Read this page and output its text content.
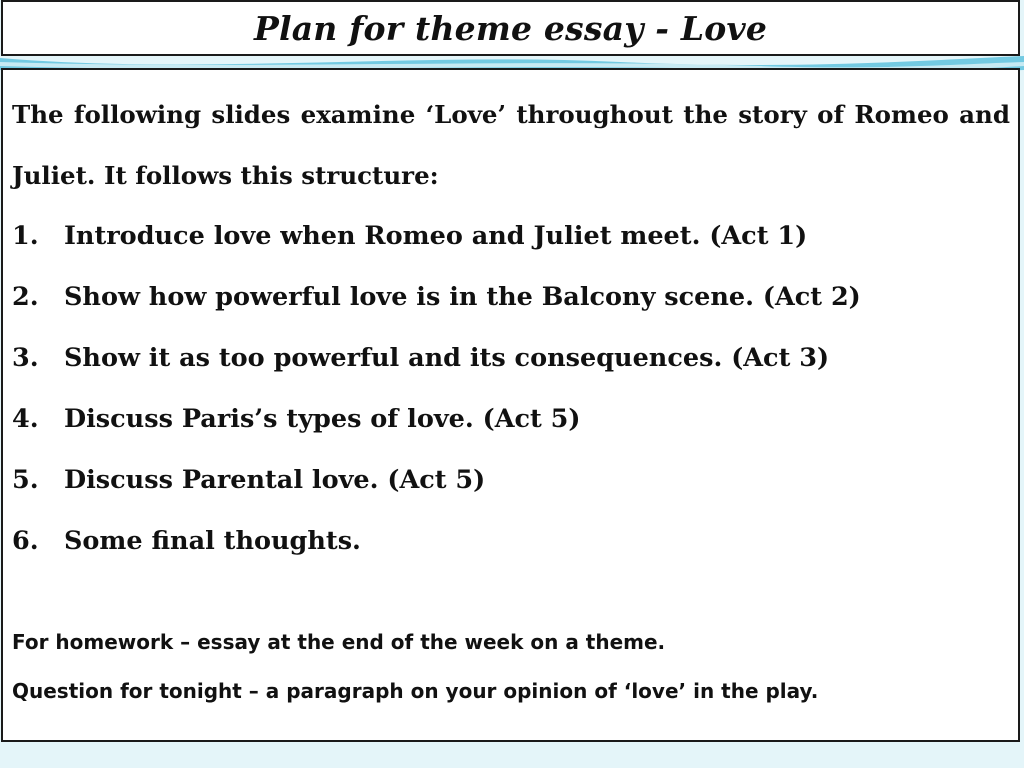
Plan for theme essay - Love

The following slides examine ‘Love’ throughout the story of Romeo and Juliet. It follows this structure:

1. Introduce love when Romeo and Juliet meet. (Act 1)
2. Show how powerful love is in the Balcony scene. (Act 2)
3. Show it as too powerful and its consequences. (Act 3)
4. Discuss Paris’s types of love. (Act 5)
5. Discuss Parental love. (Act 5)
6. Some final thoughts.

For homework – essay at the end of the week on a theme.

Question for tonight – a paragraph on your opinion of ‘love’ in the play.
